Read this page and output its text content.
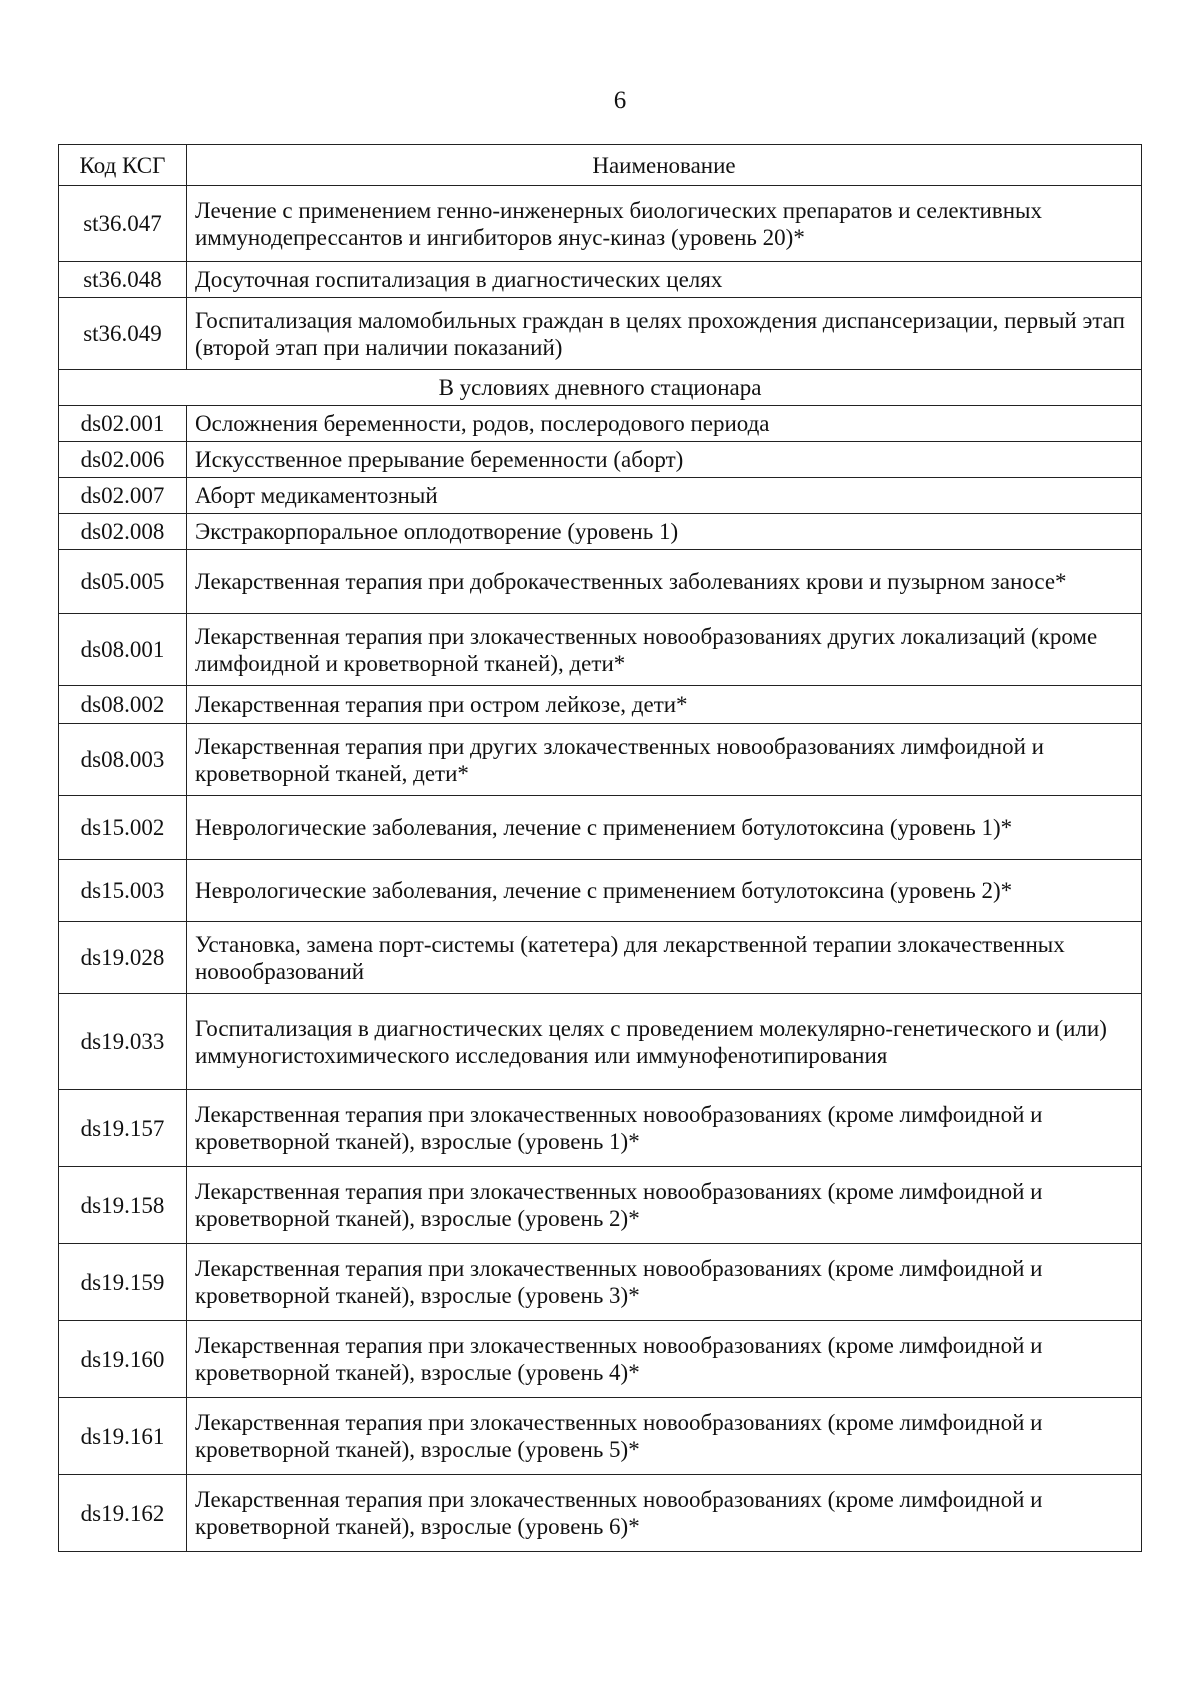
6
Код КСГ	Наименование
st36.047	Лечение с применением генно-инженерных биологических препаратов и селективных иммунодепрессантов и ингибиторов янус-киназ (уровень 20)*
st36.048	Досуточная госпитализация в диагностических целях
st36.049	Госпитализация маломобильных граждан в целях прохождения диспансеризации, первый этап (второй этап при наличии показаний)
В условиях дневного стационара	
ds02.001	Осложнения беременности, родов, послеродового периода
ds02.006	Искусственное прерывание беременности (аборт)
ds02.007	Аборт медикаментозный
ds02.008	Экстракорпоральное оплодотворение (уровень 1)
ds05.005	Лекарственная терапия при доброкачественных заболеваниях крови и пузырном заносе*
ds08.001	Лекарственная терапия при злокачественных новообразованиях других локализаций (кроме лимфоидной и кроветворной тканей), дети*
ds08.002	Лекарственная терапия при остром лейкозе, дети*
ds08.003	Лекарственная терапия при других злокачественных новообразованиях лимфоидной и кроветворной тканей, дети*
ds15.002	Неврологические заболевания, лечение с применением ботулотоксина (уровень 1)*
ds15.003	Неврологические заболевания, лечение с применением ботулотоксина (уровень 2)*
ds19.028	Установка, замена порт-системы (катетера) для лекарственной терапии злокачественных новообразований
ds19.033	Госпитализация в диагностических целях с проведением молекулярно-генетического и (или) иммуногистохимического исследования или иммунофенотипирования
ds19.157	Лекарственная терапия при злокачественных новообразованиях (кроме лимфоидной и кроветворной тканей), взрослые (уровень 1)*
ds19.158	Лекарственная терапия при злокачественных новообразованиях (кроме лимфоидной и кроветворной тканей), взрослые (уровень 2)*
ds19.159	Лекарственная терапия при злокачественных новообразованиях (кроме лимфоидной и кроветворной тканей), взрослые (уровень 3)*
ds19.160	Лекарственная терапия при злокачественных новообразованиях (кроме лимфоидной и кроветворной тканей), взрослые (уровень 4)*
ds19.161	Лекарственная терапия при злокачественных новообразованиях (кроме лимфоидной и кроветворной тканей), взрослые (уровень 5)*
ds19.162	Лекарственная терапия при злокачественных новообразованиях (кроме лимфоидной и кроветворной тканей), взрослые (уровень 6)*
